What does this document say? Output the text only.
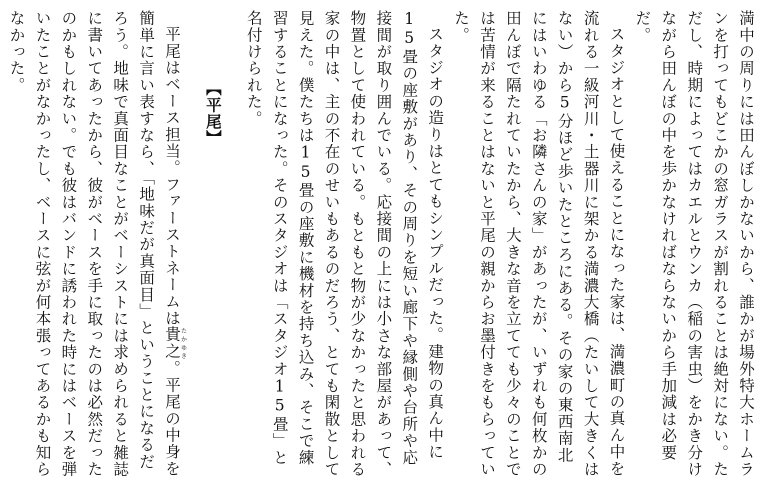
満中の周りには田んぼしかないから、誰かが場外特大ホームランを打ってもどこかの窓ガラスが割れることは絶対にない。ただし、時期によってはカエルとウンカ（稲の害虫）をかき分けながら田んぼの中を歩かなければならないから手加減は必要だ。

スタジオとして使えることになった家は、満濃町の真ん中を流れる一級河川・土器川に架かる満濃大橋（たいして大きくはない）から5分ほど歩いたところにある。その家の東西南北にはいわゆる「お隣さんの家」があったが、いずれも何枚かの田んぼで隔たれていたから、大きな音を立てても少々のことでは苦情が来ることはないと平尾の親からお墨付きをもらっていた。

スタジオの造りはとてもシンプルだった。建物の真ん中に15畳の座敷があり、その周りを短い廊下や縁側や台所や応接間が取り囲んでいる。応接間の上には小さな部屋があって、物置として使われている。もともと物が少なかったと思われる家の中は、主の不在のせいもあるのだろう、とても閑散として見えた。僕たちは15畳の座敷に機材を持ち込み、そこで練習することになった。そのスタジオは「スタジオ15畳」と名付けられた。

【平尾】

平尾はベース担当。ファーストネームは貴之たかゆき。平尾の中身を簡単に言い表すなら、「地味だが真面目」ということになるだろう。地味で真面目なことがベーシストには求められると雑誌に書いてあったから、彼がベースを手に取ったのは必然だったのかもしれない。でも彼はバンドに誘われた時にはベースを弾いたことがなかったし、ベースに弦が何本張ってあるかも知らなかった。
